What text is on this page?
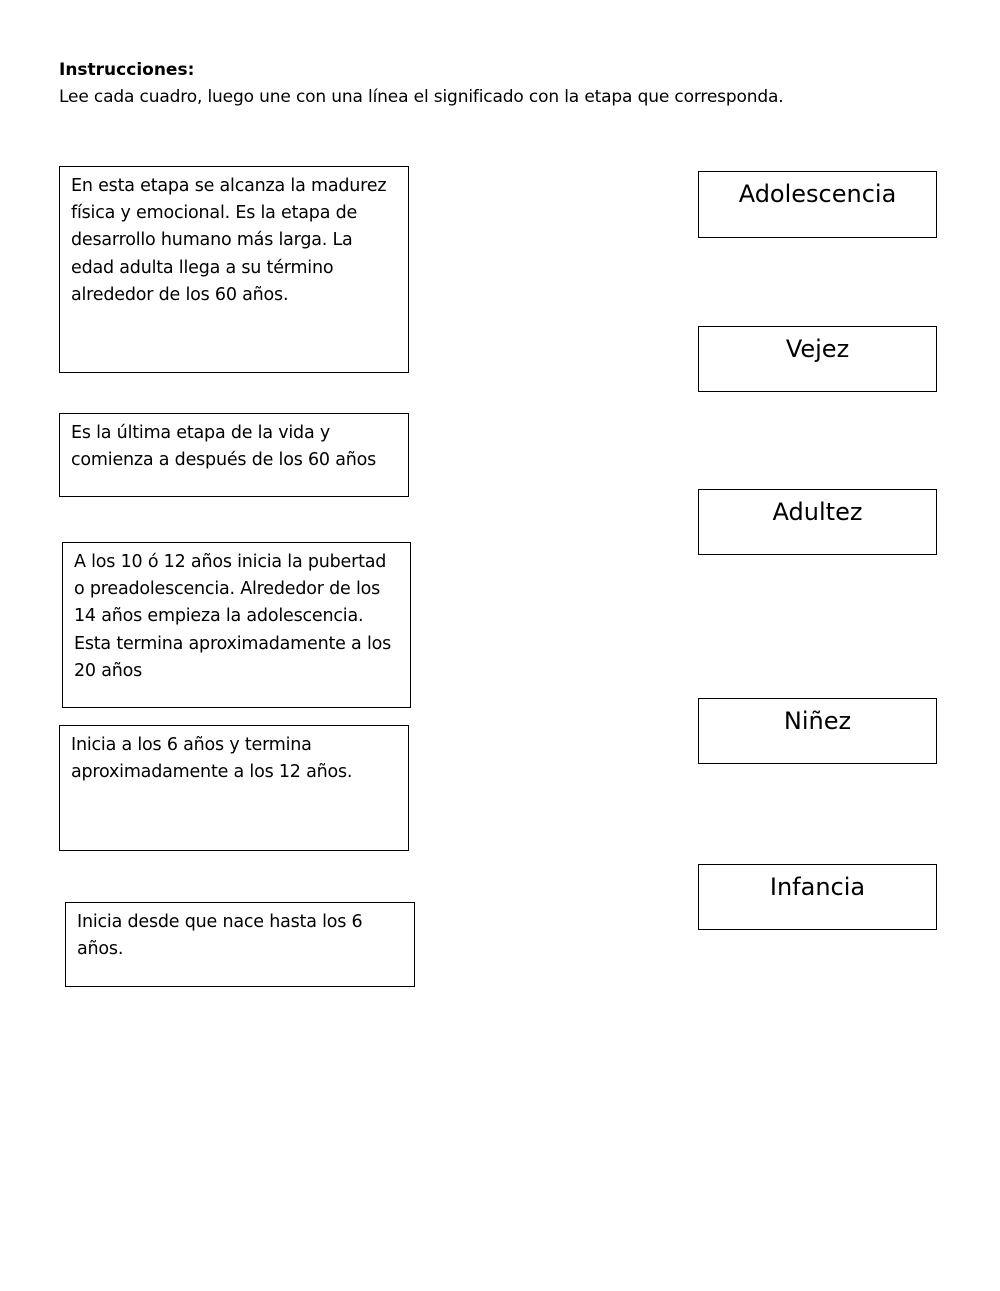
Instrucciones:
Lee cada cuadro, luego une con una línea el significado con la etapa que corresponda.
En esta etapa se alcanza la madurez física y emocional. Es la etapa de desarrollo humano más larga. La edad adulta llega a su término alrededor de los 60 años.
Es la última etapa de la vida y comienza a después de los 60 años
A los 10 ó 12 años inicia la pubertad o preadolescencia. Alrededor de los 14 años empieza la adolescencia. Esta termina aproximadamente a los 20 años
Inicia a los 6 años y termina aproximadamente a los 12 años.
Inicia desde que nace hasta los 6 años.
Adolescencia
Vejez
Adultez
Niñez
Infancia
